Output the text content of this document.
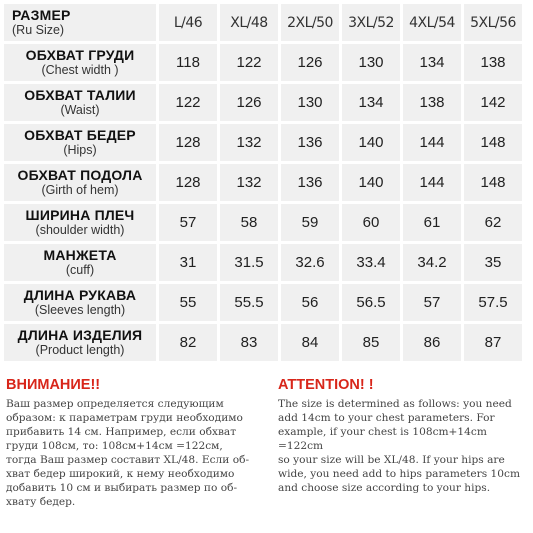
РАЗМЕР
(Ru Size)	L/46	XL/48	2XL/50	3XL/52	4XL/54	5XL/56
ОБХВАТ ГРУДИ
(Chest width )	118	122	126	130	134	138
ОБХВАТ ТАЛИИ
(Waist)	122	126	130	134	138	142
ОБХВАТ БЕДЕР
(Hips)	128	132	136	140	144	148
ОБХВАТ ПОДОЛА
(Girth of hem)	128	132	136	140	144	148
ШИРИНА ПЛЕЧ
(shoulder width)	57	58	59	60	61	62
МАНЖЕТА
(cuff)	31	31.5	32.6	33.4	34.2	35
ДЛИНА РУКАВА
(Sleeves length)	55	55.5	56	56.5	57	57.5
ДЛИНА ИЗДЕЛИЯ
(Product length)	82	83	84	85	86	87
ВНИМАНИЕ!!
Ваш размер определяется следующим
образом: к параметрам груди необходимо
прибавить 14 см. Например, если обхват
груди 108см, то: 108см+14см =122см,
тогда Ваш размер составит XL/48. Если об-
хват бедер широкий, к нему необходимо
добавить 10 см и выбирать размер по об-
хвату бедер.
ATTENTION! !
The size is determined as follows: you need
add 14cm to your chest parameters. For
example, if your chest is 108cm+14cm =122cm
so your size will be XL/48. If your hips are
wide, you need add to hips parameters 10cm
and choose size according to your hips.
